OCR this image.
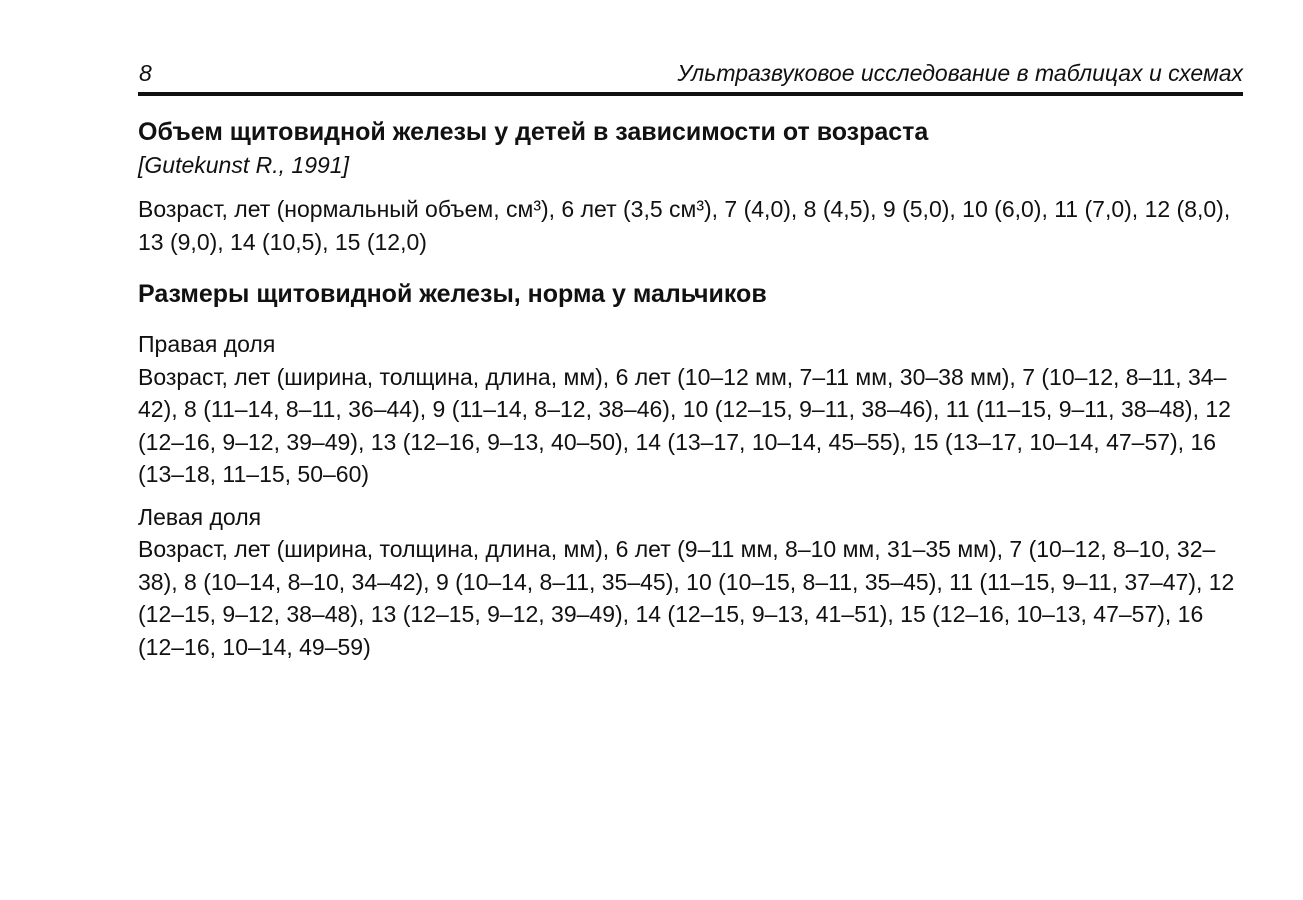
8	Ультразвуковое исследование в таблицах и схемах
Объем щитовидной железы у детей в зависимости от возраста

[Gutekunst R., 1991]

Возраст, лет (нормальный объем, см³), 6 лет (3,5 см³), 7 (4,0), 8 (4,5), 9 (5,0), 10 (6,0), 11 (7,0), 12 (8,0), 13 (9,0), 14 (10,5), 15 (12,0)

Размеры щитовидной железы, норма у мальчиков

Правая доля

Возраст, лет (ширина, толщина, длина, мм), 6 лет (10–12 мм, 7–11 мм, 30–38 мм), 7 (10–12, 8–11, 34–42), 8 (11–14, 8–11, 36–44), 9 (11–14, 8–12, 38–46), 10 (12–15, 9–11, 38–46), 11 (11–15, 9–11, 38–48), 12 (12–16, 9–12, 39–49), 13 (12–16, 9–13, 40–50), 14 (13–17, 10–14, 45–55), 15 (13–17, 10–14, 47–57), 16 (13–18, 11–15, 50–60)

Левая доля

Возраст, лет (ширина, толщина, длина, мм), 6 лет (9–11 мм, 8–10 мм, 31–35 мм), 7 (10–12, 8–10, 32–38), 8 (10–14, 8–10, 34–42), 9 (10–14, 8–11, 35–45), 10 (10–15, 8–11, 35–45), 11 (11–15, 9–11, 37–47), 12 (12–15, 9–12, 38–48), 13 (12–15, 9–12, 39–49), 14 (12–15, 9–13, 41–51), 15 (12–16, 10–13, 47–57), 16 (12–16, 10–14, 49–59)
